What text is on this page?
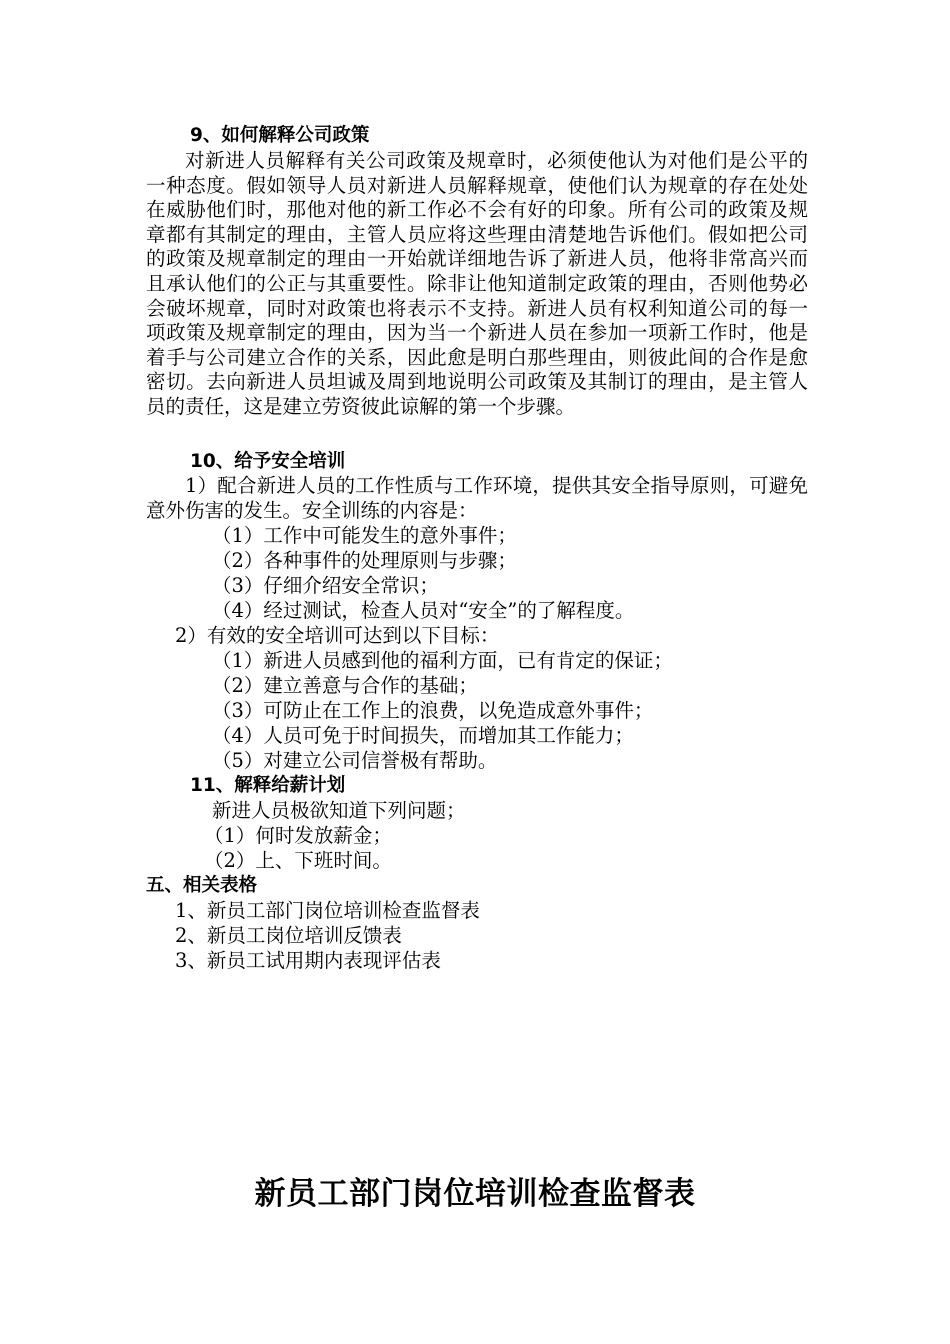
9、如何解释公司政策
对新进人员解释有关公司政策及规章时，必须使他认为对他们是公平的一种态度。假如领导人员对新进人员解释规章，使他们认为规章的存在处处在威胁他们时，那他对他的新工作必不会有好的印象。所有公司的政策及规章都有其制定的理由，主管人员应将这些理由清楚地告诉他们。假如把公司的政策及规章制定的理由一开始就详细地告诉了新进人员，他将非常高兴而且承认他们的公正与其重要性。除非让他知道制定政策的理由，否则他势必会破坏规章，同时对政策也将表示不支持。新进人员有权利知道公司的每一项政策及规章制定的理由，因为当一个新进人员在参加一项新工作时，他是着手与公司建立合作的关系，因此愈是明白那些理由，则彼此间的合作是愈密切。去向新进人员坦诚及周到地说明公司政策及其制订的理由，是主管人员的责任，这是建立劳资彼此谅解的第一个步骤。
10、给予安全培训
1）配合新进人员的工作性质与工作环境，提供其安全指导原则，可避免意外伤害的发生。安全训练的内容是：
（1）工作中可能发生的意外事件；
（2）各种事件的处理原则与步骤；
（3）仔细介绍安全常识；
（4）经过测试，检查人员对“安全”的了解程度。
2）有效的安全培训可达到以下目标：
（1）新进人员感到他的福利方面，已有肯定的保证；
（2）建立善意与合作的基础；
（3）可防止在工作上的浪费，以免造成意外事件；
（4）人员可免于时间损失，而增加其工作能力；
（5）对建立公司信誉极有帮助。
11、解释给薪计划
新进人员极欲知道下列问题；
（1）何时发放薪金；
（2）上、下班时间。
五、相关表格
1、新员工部门岗位培训检查监督表
2、新员工岗位培训反馈表
3、新员工试用期内表现评估表
新员工部门岗位培训检查监督表
